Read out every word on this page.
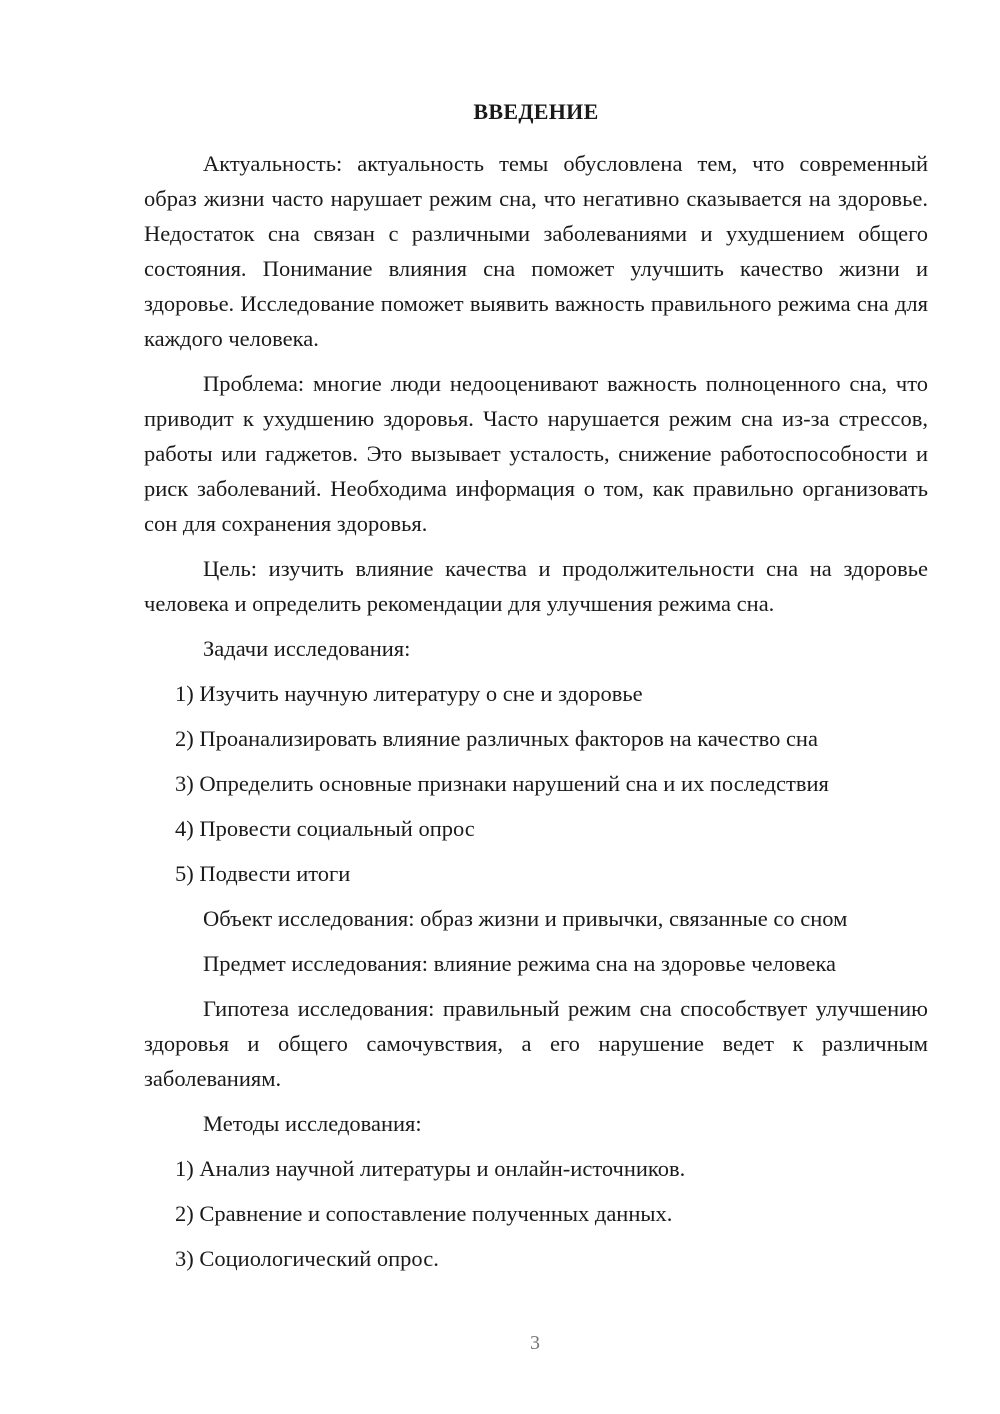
ВВЕДЕНИЕ

Актуальность: актуальность темы обусловлена тем, что современный образ жизни часто нарушает режим сна, что негативно сказывается на здоровье. Недостаток сна связан с различными заболеваниями и ухудшением общего состояния. Понимание влияния сна поможет улучшить качество жизни и здоровье. Исследование поможет выявить важность правильного режима сна для каждого человека.

Проблема: многие люди недооценивают важность полноценного сна, что приводит к ухудшению здоровья. Часто нарушается режим сна из-за стрессов, работы или гаджетов. Это вызывает усталость, снижение работоспособности и риск заболеваний. Необходима информация о том, как правильно организовать сон для сохранения здоровья.

Цель: изучить влияние качества и продолжительности сна на здоровье человека и определить рекомендации для улучшения режима сна.

Задачи исследования:

1) Изучить научную литературу о сне и здоровье

2) Проанализировать влияние различных факторов на качество сна

3) Определить основные признаки нарушений сна и их последствия

4) Провести социальный опрос

5) Подвести итоги

Объект исследования: образ жизни и привычки, связанные со сном

Предмет исследования: влияние режима сна на здоровье человека

Гипотеза исследования: правильный режим сна способствует улучшению здоровья и общего самочувствия, а его нарушение ведет к различным заболеваниям.

Методы исследования:

1) Анализ научной литературы и онлайн-источников.

2) Сравнение и сопоставление полученных данных.

3) Социологический опрос.

3
